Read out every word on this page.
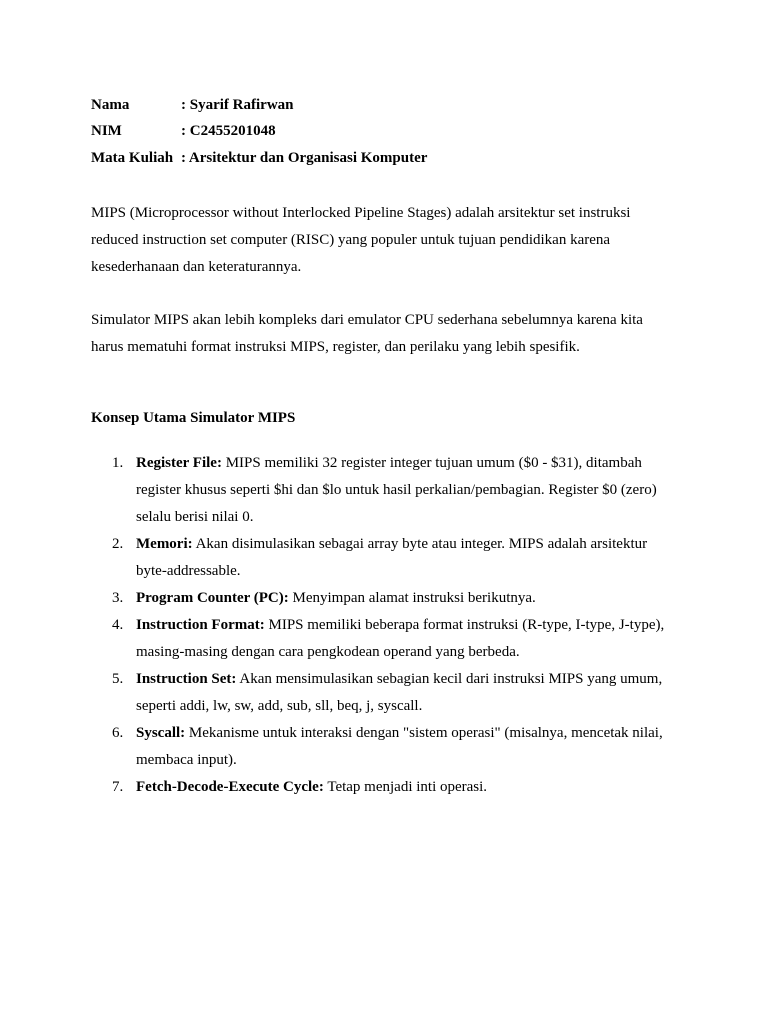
Nama	: Syarif Rafirwan
NIM	: C2455201048
Mata Kuliah	: Arsitektur dan Organisasi Komputer

MIPS (Microprocessor without Interlocked Pipeline Stages) adalah arsitektur set instruksi reduced instruction set computer (RISC) yang populer untuk tujuan pendidikan karena kesederhanaan dan keteraturannya.

Simulator MIPS akan lebih kompleks dari emulator CPU sederhana sebelumnya karena kita harus mematuhi format instruksi MIPS, register, dan perilaku yang lebih spesifik.

Konsep Utama Simulator MIPS
1. Register File: MIPS memiliki 32 register integer tujuan umum ($0 - $31), ditambah register khusus seperti $hi dan $lo untuk hasil perkalian/pembagian. Register $0 (zero) selalu berisi nilai 0.
2. Memori: Akan disimulasikan sebagai array byte atau integer. MIPS adalah arsitektur byte-addressable.
3. Program Counter (PC): Menyimpan alamat instruksi berikutnya.
4. Instruction Format: MIPS memiliki beberapa format instruksi (R-type, I-type, J-type), masing-masing dengan cara pengkodean operand yang berbeda.
5. Instruction Set: Akan mensimulasikan sebagian kecil dari instruksi MIPS yang umum, seperti addi, lw, sw, add, sub, sll, beq, j, syscall.
6. Syscall: Mekanisme untuk interaksi dengan "sistem operasi" (misalnya, mencetak nilai, membaca input).
7. Fetch-Decode-Execute Cycle: Tetap menjadi inti operasi.
